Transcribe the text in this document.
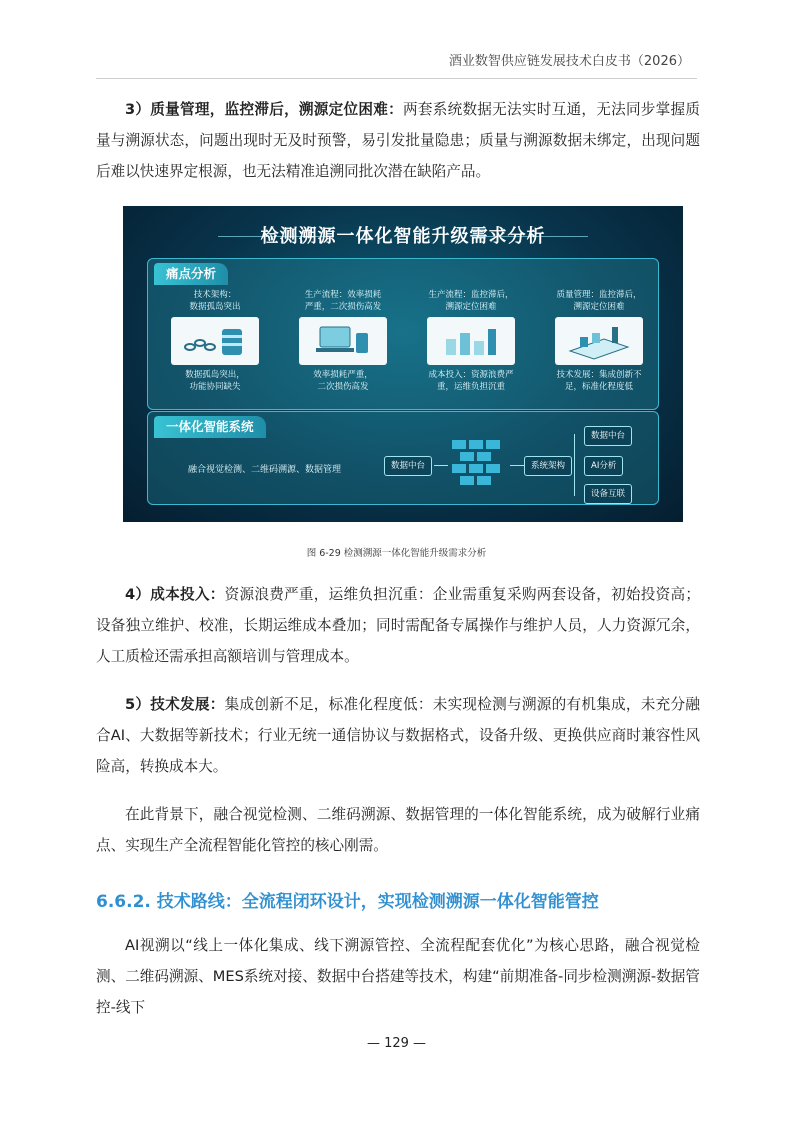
酒业数智供应链发展技术白皮书（2026）
3）质量管理，监控滞后，溯源定位困难：两套系统数据无法实时互通，无法同步掌握质量与溯源状态，问题出现时无及时预警，易引发批量隐患；质量与溯源数据未绑定，出现问题后难以快速界定根源，也无法精准追溯同批次潜在缺陷产品。
检测溯源一体化智能升级需求分析
痛点分析
技术架构：
数据孤岛突出
数据孤岛突出，
功能协同缺失
生产流程：效率损耗
严重，二次损伤高发
效率损耗严重，
二次损伤高发
生产流程：监控滞后，
溯源定位困难
成本投入：资源浪费严
重，运维负担沉重
质量管理：监控滞后，
溯源定位困难
技术发展：集成创新不
足，标准化程度低
一体化智能系统
融合视觉检测、二维码溯源、数据管理	数据中台	系统架构
数据中台
AI分析
设备互联
图 6-29 检测溯源一体化智能升级需求分析
4）成本投入：资源浪费严重，运维负担沉重：企业需重复采购两套设备，初始投资高；设备独立维护、校准，长期运维成本叠加；同时需配备专属操作与维护人员，人力资源冗余，人工质检还需承担高额培训与管理成本。
5）技术发展：集成创新不足，标准化程度低：未实现检测与溯源的有机集成，未充分融合AI、大数据等新技术；行业无统一通信协议与数据格式，设备升级、更换供应商时兼容性风险高，转换成本大。
在此背景下，融合视觉检测、二维码溯源、数据管理的一体化智能系统，成为破解行业痛点、实现生产全流程智能化管控的核心刚需。
6.6.2. 技术路线：全流程闭环设计，实现检测溯源一体化智能管控
AI视溯以“线上一体化集成、线下溯源管控、全流程配套优化”为核心思路，融合视觉检测、二维码溯源、MES系统对接、数据中台搭建等技术，构建“前期准备-同步检测溯源-数据管控-线下
— 129 —
